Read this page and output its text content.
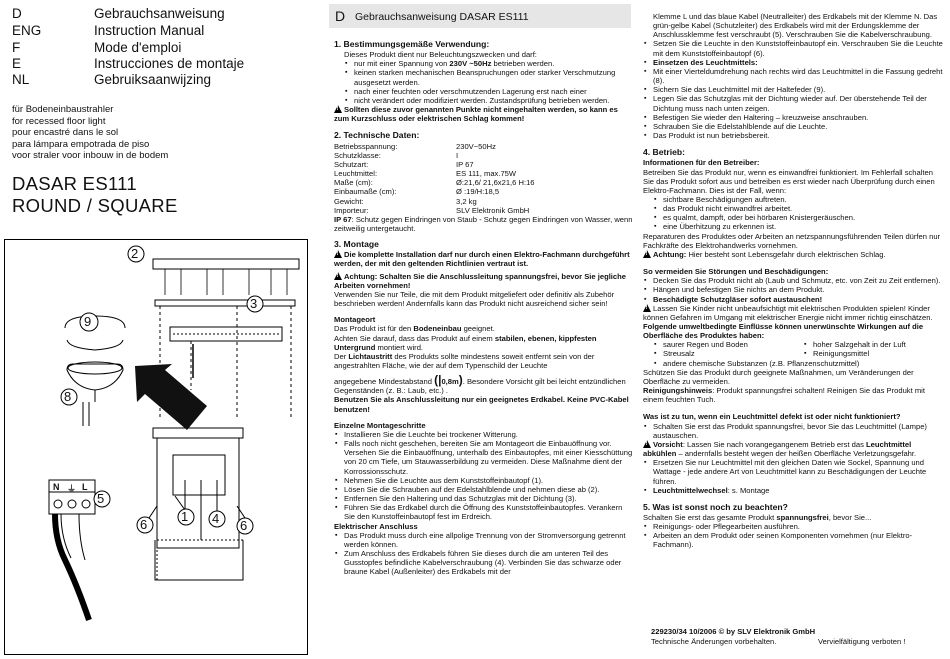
D	Gebrauchsanweisung
ENG	Instruction Manual
F	Mode d'emploi
E	Instrucciones de montaje
NL	Gebruiksaanwijzing
für Bodeneinbaustrahler
for recessed floor light
pour encastré dans le sol
para lámpara empotrada de piso
voor straler voor inbouw in de bodem
DASAR ES111
ROUND / SQUARE
2
3
9
8
5
6
1 4 6
N ⏚ L
D Gebrauchsanweisung DASAR ES111

1. Bestimmungsgemäße Verwendung:

Dieses Produkt dient nur Beleuchtungszwecken und darf:

▪ nur mit einer Spannung von 230V ~50Hz betrieben werden.

▪ keinen starken mechanischen Beanspruchungen oder starker Verschmutzung ausgesetzt werden.

▪ nach einer feuchten oder verschmutzenden Lagerung erst nach einer

▪ nicht verändert oder modifiziert werden. Zustandsprüfung betrieben werden.

!Sollten diese zuvor genannten Punkte nicht eingehalten werden, so kann es zum Kurzschluss oder elektrischen Schlag kommen!

2. Technische Daten:

Betriebsspannung:	230V~50Hz
Schutzklasse:	I
Schutzart:	IP 67
Leuchtmittel:	ES 111, max.75W
Maße (cm):	Ø:21,6/ 21,6x21,6 H:16
Einbaumaße (cm):	Ø :19/H:18,5
Gewicht:	3,2 kg
Importeur:	SLV Elektronik GmbH

IP 67: Schutz gegen Eindringen von Staub - Schutz gegen Eindringen von Wasser, wenn zeitweilig untergetaucht.

3. Montage

!Die komplette Installation darf nur durch einen Elektro-Fachmann durchgeführt werden, der mit den geltenden Richtlinien vertraut ist.

!Achtung: Schalten Sie die Anschlussleitung spannungsfrei, bevor Sie jegliche Arbeiten vornehmen!

Verwenden Sie nur Teile, die mit dem Produkt mitgeliefert oder definitiv als Zubehör beschrieben werden! Andernfalls kann das Produkt nicht ausreichend sicher sein!

Montageort

Das Produkt ist für den Bodeneinbau geeignet.

Achten Sie darauf, dass das Produkt auf einem stabilen, ebenen, kippfesten Untergrund montiert wird.

Der Lichtaustritt des Produkts sollte mindestens soweit entfernt sein von der angestrahlten Fläche, wie der auf dem Typenschild der Leuchte

angegebene Mindestabstand (|0,8m). Besondere Vorsicht gilt bei leicht entzündlichen Gegenständen (z. B.: Laub, etc.) .

Benutzen Sie als Anschlussleitung nur ein geeignetes Erdkabel. Keine PVC-Kabel benutzen!

Einzelne Montageschritte

▪ Installieren Sie die Leuchte bei trockener Witterung.

▪ Falls noch nicht geschehen, bereiten Sie am Montageort die Einbauöffnung vor. Versehen Sie die Einbauöffnung, unterhalb des Einbautopfes, mit einer Kiesschüttung von 20 cm Tiefe, um Stauwasserbildung zu vermeiden. Diese Maßnahme dient der Korrossionsschutz.

▪ Nehmen Sie die Leuchte aus dem Kunststoffeinbautopf (1).

▪ Lösen Sie die Schrauben auf der Edelstahlblende und nehmen diese ab (2).

▪ Entfernen Sie den Haltering und das Schutzglas mit der Dichtung (3).

▪ Führen Sie das Erdkabel durch die Öffnung des Kunststoffeinbautopfes. Verankern Sie den Kunstoffeinbautopf fest im Erdreich.

Elektrischer Anschluss

▪ Das Produkt muss durch eine allpolige Trennung von der Stromversorgung getrennt werden können.

▪ Zum Anschluss des Erdkabels führen Sie dieses durch die am unteren Teil des Gusstopfes befindliche Kabelverschraubung (4). Verbinden Sie das schwarze oder braune Kabel (Außenleiter) des Erdkabels mit der

Klemme L und das blaue Kabel (Neutralleiter) des Erdkabels mit der Klemme N. Das grün-gelbe Kabel (Schutzleiter) des Erdkabels wird mit der Erdungsklemme der Anschlussklemme fest verschraubt (5). Verschrauben Sie die Kabelverschraubung.

▪ Setzen Sie die Leuchte in den Kunststoffeinbautopf ein. Verschrauben Sie die Leuchte mit dem Kunststoffeinbautopf (6).

▪ Einsetzen des Leuchtmittels:

▪ Mit einer Vierteldumdrehung nach rechts wird das Leuchtmittel in die Fassung gedreht (8).

▪ Sichern Sie das Leuchtmittel mit der Haltefeder (9).

▪ Legen Sie das Schutzglas mit der Dichtung wieder auf. Der überstehende Teil der Dichtung muss nach unten zeigen.

▪ Befestigen Sie wieder den Haltering – kreuzweise anschrauben.

▪ Schrauben Sie die Edelstahlblende auf die Leuchte.

▪ Das Produkt ist nun betriebsbereit.

4. Betrieb:

Informationen für den Betreiber:

Betreiben Sie das Produkt nur, wenn es einwandfrei funktioniert. Im Fehlerfall schalten Sie das Produkt sofort aus und betreiben es erst wieder nach Überprüfung durch einen Elektro-Fachmann. Dies ist der Fall, wenn:

▪ sichtbare Beschädigungen auftreten.

▪ das Produkt nicht einwandfrei arbeitet.

▪ es qualmt, dampft, oder bei hörbaren Knistergeräuschen.

▪ eine Überhitzung zu erkennen ist.

Reparaturen des Produktes oder Arbeiten an netzspannungsführenden Teilen dürfen nur Fachkräfte des Elektrohandwerks vornehmen.

!Achtung: Hier besteht sont Lebensgefahr durch elektrischen Schlag.

So vermeiden Sie Störungen und Beschädigungen:

▪ Decken Sie das Produkt nicht ab (Laub und Schmutz, etc. von Zeit zu Zeit entfernen).

▪ Hängen und befestigen Sie nichts an dem Produkt.

▪ Beschädigte Schutzgläser sofort austauschen!

!Lassen Sie Kinder nicht unbeaufsichtigt mit elektrischen Produkten spielen! Kinder können Gefahren im Umgang mit elektrischer Energie nicht immer richtig einschätzen.

Folgende umweltbedingte Einflüsse können unerwünschte Wirkungen auf die Oberfläche des Produktes haben:

▪ saurer Regen und Boden	▪ hoher Salzgehalt in der Luft
▪ Streusalz	▪ Reinigungsmittel
▪ andere chemische Substanzen (z.B. Pflanzenschutzmittel)

Schützen Sie das Produkt durch geeignete Maßnahmen, um Veränderungen der Oberfläche zu vermeiden.

Reinigungshinweis: Produkt spannungsfrei schalten! Reinigen Sie das Produkt mit einem feuchten Tuch.

Was ist zu tun, wenn ein Leuchtmittel defekt ist oder nicht funktioniert?

▪ Schalten Sie erst das Produkt spannungsfrei, bevor Sie das Leuchtmittel (Lampe) austauschen.

!Vorsicht: Lassen Sie nach vorangegangenem Betrieb erst das Leuchtmittel abkühlen – andernfalls besteht wegen der heißen Oberfläche Verletzungsgefahr.

▪ Ersetzen Sie nur Leuchtmittel mit den gleichen Daten wie Sockel, Spannung und Wattage - jede andere Art von Leuchtmittel kann zu Beschädigungen der Leuchte führen.

▪ Leuchtmittelwechsel: s. Montage

5. Was ist sonst noch zu beachten?

Schalten Sie erst das gesamte Produkt spannungsfrei, bevor Sie...

▪ Reinigungs- oder Pflegearbeiten ausführen.

▪ Arbeiten an dem Produkt oder seinen Komponenten vornehmen (nur Elektro-Fachmann).

229230/34 10/2006 © by SLV Elektronik GmbH
Technische Änderungen vorbehalten.	Vervielfältigung verboten !
